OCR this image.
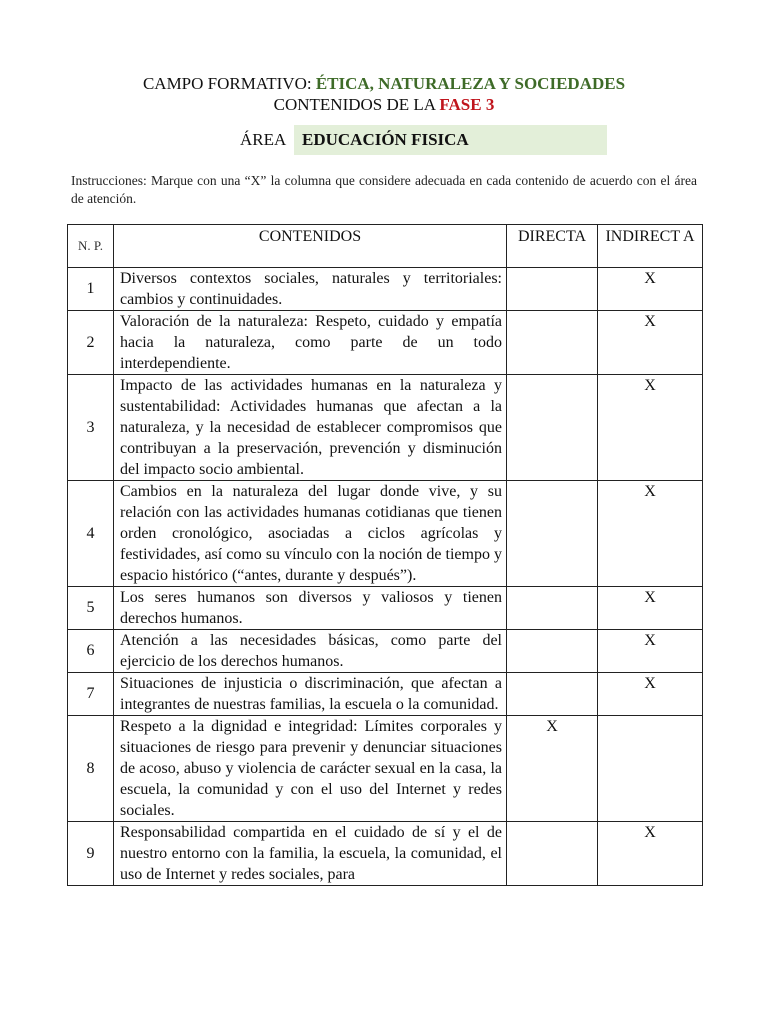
CAMPO FORMATIVO: ÉTICA, NATURALEZA Y SOCIEDADES
CONTENIDOS DE LA FASE 3
ÁREA EDUCACIÓN FISICA
Instrucciones: Marque con una “X” la columna que considere adecuada en cada contenido de acuerdo con el área de atención.
N. P.	CONTENIDOS	DIRECTA	INDIRECT A

1	Diversos contextos sociales, naturales y territoriales: cambios y continuidades.		X
2	Valoración de la naturaleza: Respeto, cuidado y empatía hacia la naturaleza, como parte de un todo interdependiente.		X
3	Impacto de las actividades humanas en la naturaleza y sustentabilidad: Actividades humanas que afectan a la naturaleza, y la necesidad de establecer compromisos que contribuyan a la preservación, prevención y disminución del impacto socio ambiental.		X
4	Cambios en la naturaleza del lugar donde vive, y su relación con las actividades humanas cotidianas que tienen orden cronológico, asociadas a ciclos agrícolas y festividades, así como su vínculo con la noción de tiempo y espacio histórico (“antes, durante y después”).		X
5	Los seres humanos son diversos y valiosos y tienen derechos humanos.		X
6	Atención a las necesidades básicas, como parte del ejercicio de los derechos humanos.		X
7	Situaciones de injusticia o discriminación, que afectan a integrantes de nuestras familias, la escuela o la comunidad.		X
8	Respeto a la dignidad e integridad: Límites corporales y situaciones de riesgo para prevenir y denunciar situaciones de acoso, abuso y violencia de carácter sexual en la casa, la escuela, la comunidad y con el uso del Internet y redes sociales.	X	
9	Responsabilidad compartida en el cuidado de sí y el de nuestro entorno con la familia, la escuela, la comunidad, el uso de Internet y redes sociales, para		X
